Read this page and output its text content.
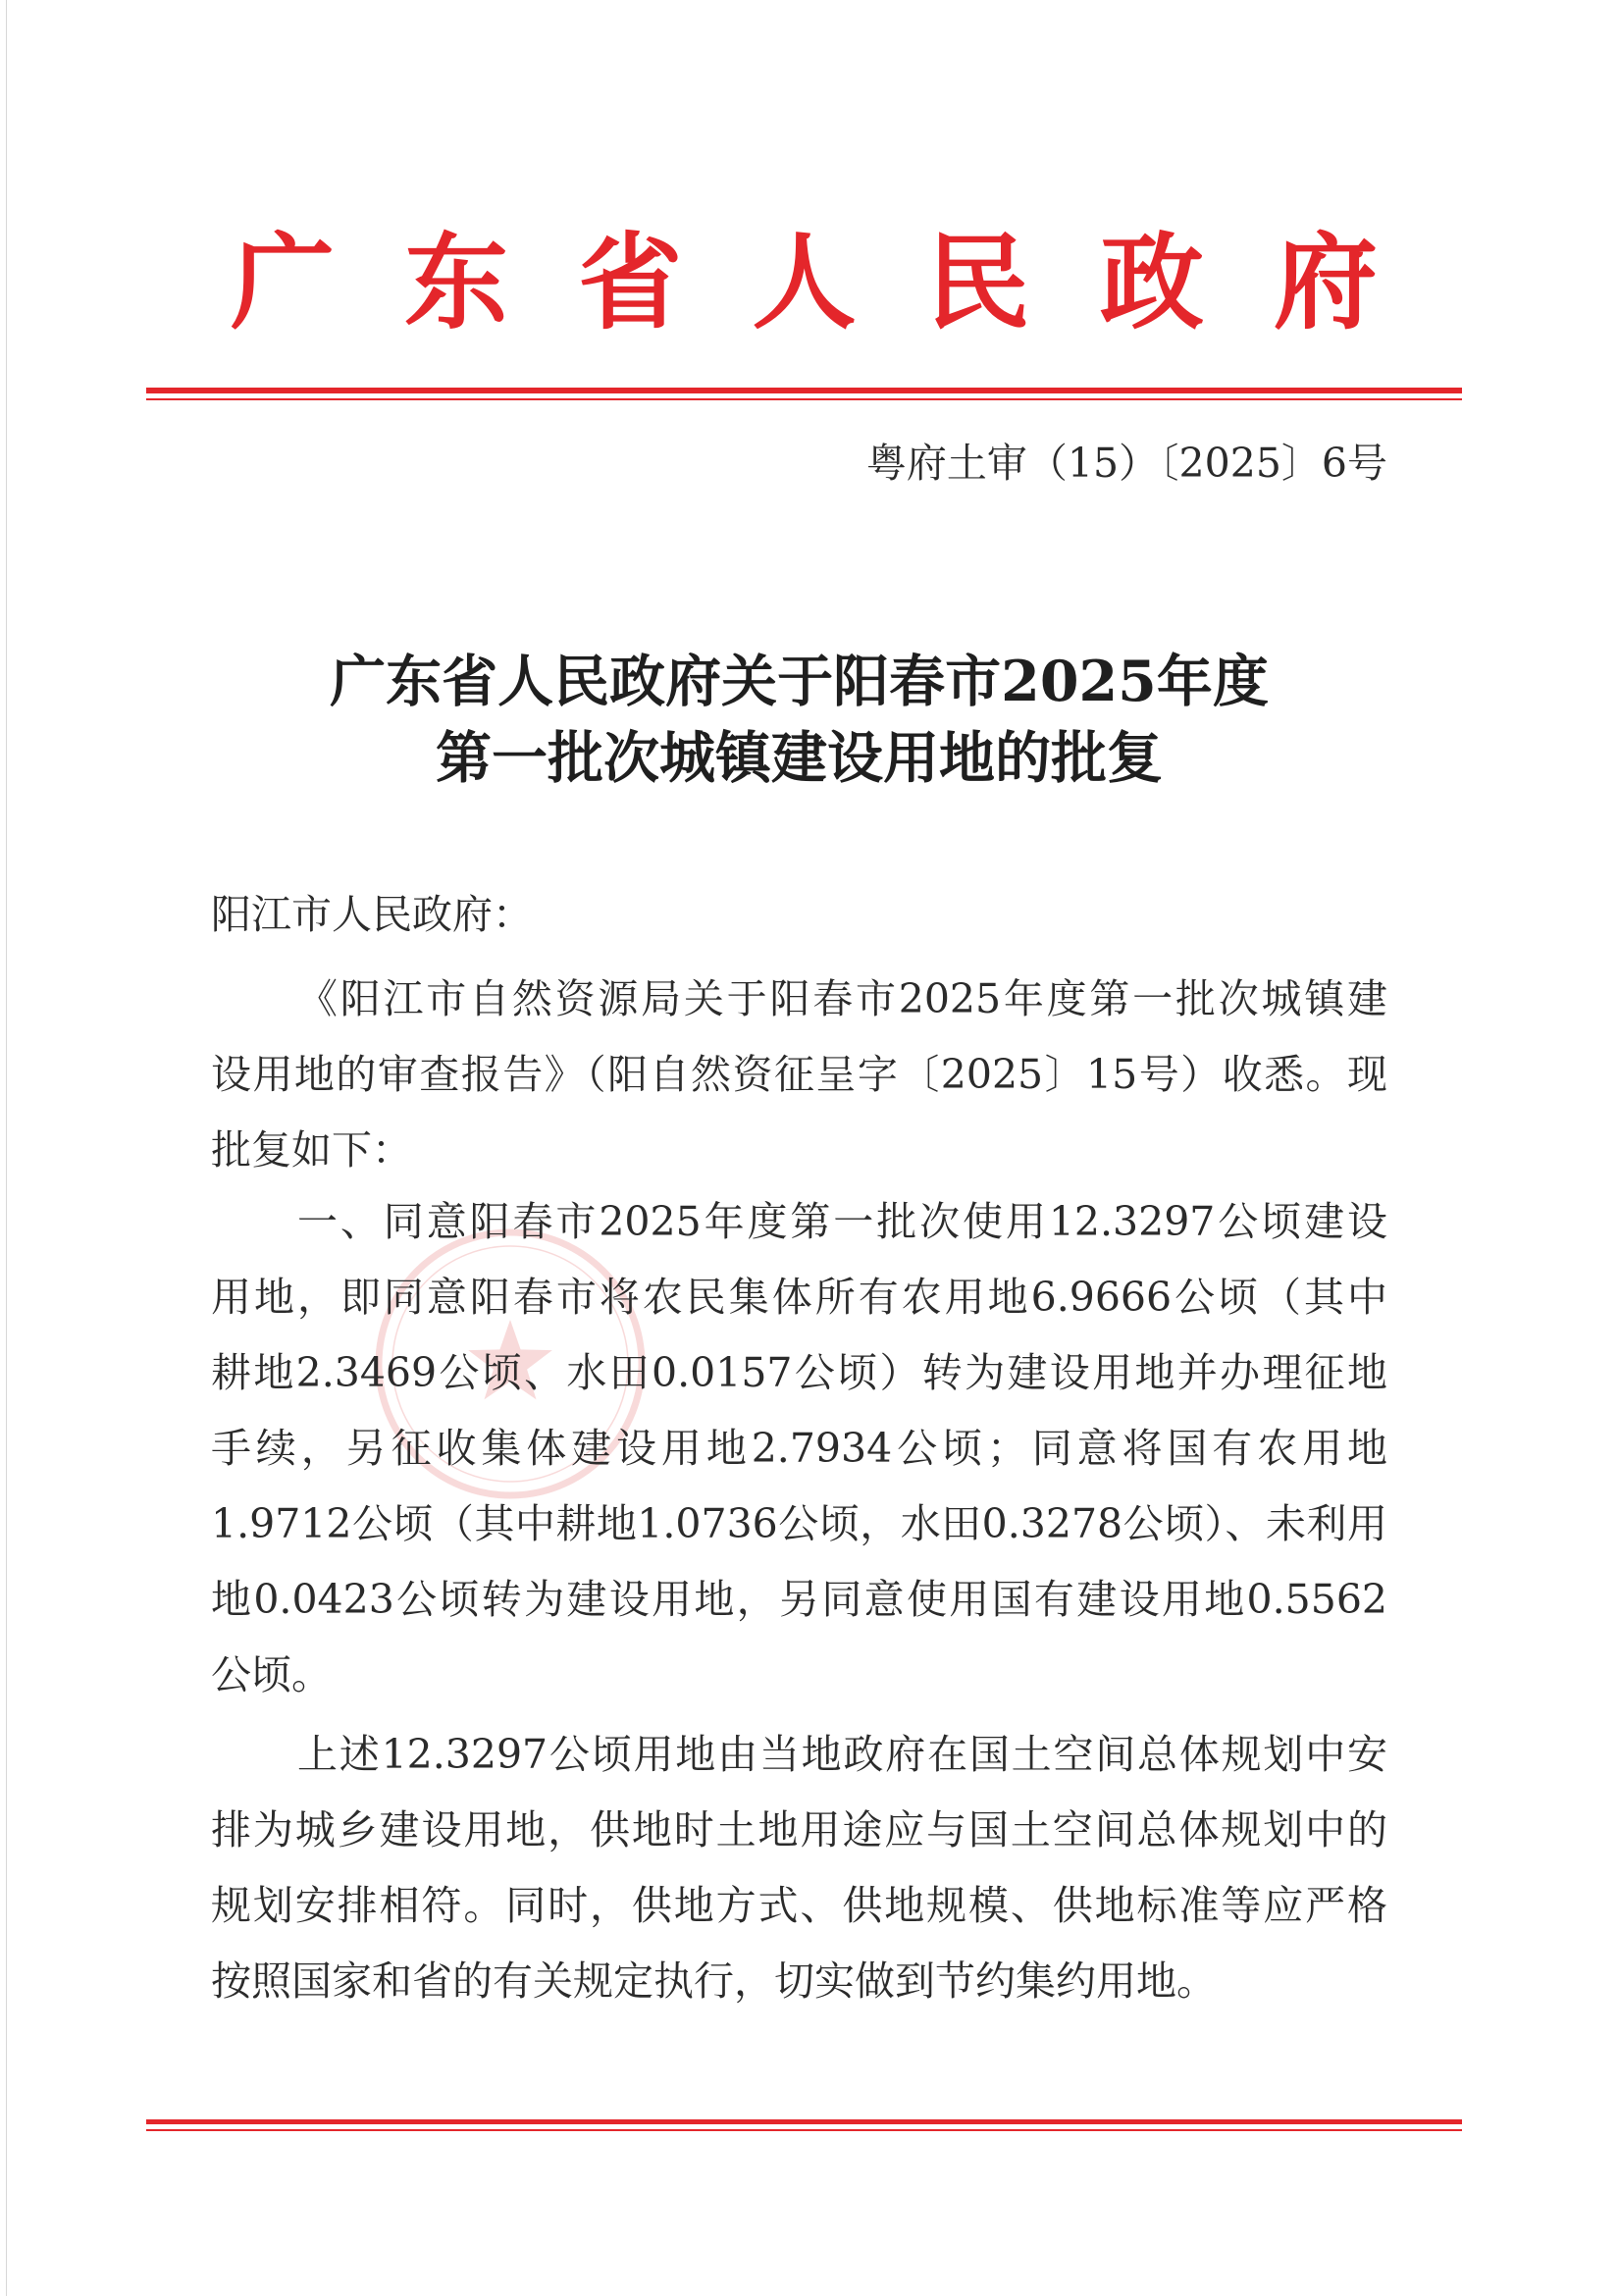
广东省人民政府
粤府土审（15）〔2025〕6号
广东省人民政府关于阳春市2025年度
第一批次城镇建设用地的批复
阳江市人民政府：
《阳江市自然资源局关于阳春市2025年度第一批次城镇建
设用地的审查报告》（阳自然资征呈字〔2025〕15号）收悉。现
批复如下：
一、同意阳春市2025年度第一批次使用12.3297公顷建设
用地，即同意阳春市将农民集体所有农用地6.9666公顷（其中
耕地2.3469公顷、水田0.0157公顷）转为建设用地并办理征地
手续，另征收集体建设用地2.7934公顷；同意将国有农用地
1.9712公顷（其中耕地1.0736公顷，水田0.3278公顷）、未利用
地0.0423公顷转为建设用地，另同意使用国有建设用地0.5562
公顷。
上述12.3297公顷用地由当地政府在国土空间总体规划中安
排为城乡建设用地，供地时土地用途应与国土空间总体规划中的
规划安排相符。同时，供地方式、供地规模、供地标准等应严格
按照国家和省的有关规定执行，切实做到节约集约用地。
